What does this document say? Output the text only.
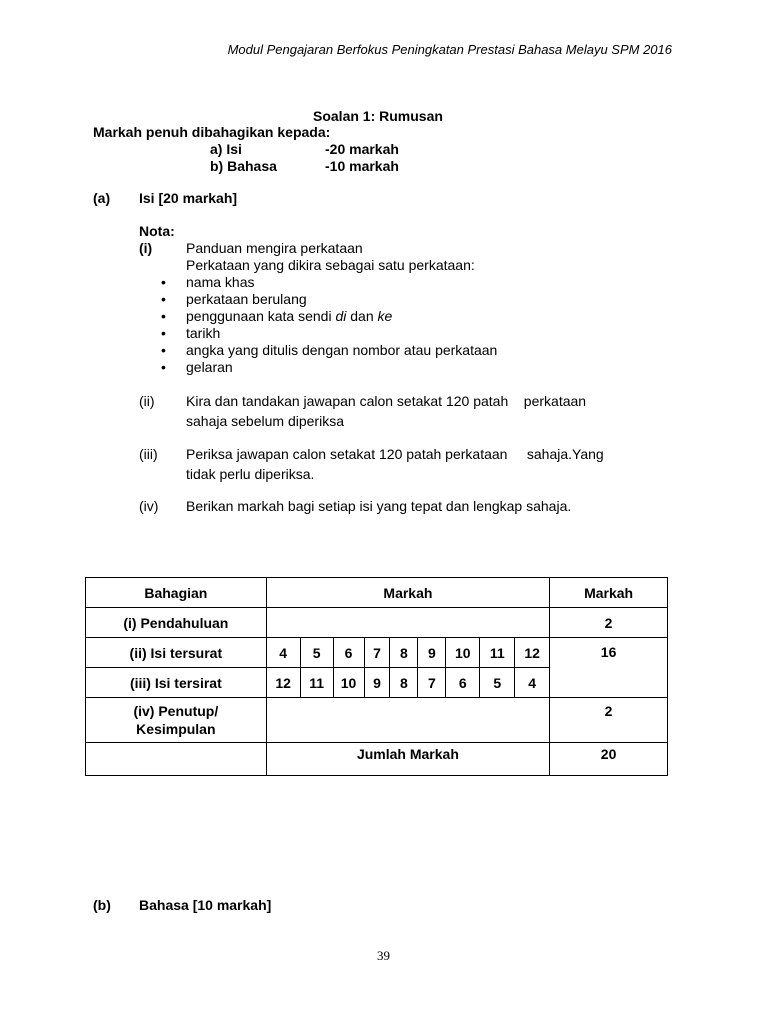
Modul Pengajaran Berfokus Peningkatan Prestasi Bahasa Melayu SPM 2016
Soalan 1: Rumusan
Markah penuh dibahagikan kepada:
a) Isi	-20 markah
b) Bahasa	-10 markah
(a) Isi [20 markah]
Nota:
(i) Panduan mengira perkataan
Perkataan yang dikira sebagai satu perkataan:
• nama khas
• perkataan berulang
• penggunaan kata sendi di dan ke
• tarikh
• angka yang ditulis dengan nombor atau perkataan
• gelaran
(ii) Kira dan tandakan jawapan calon setakat 120 patah    perkataan
sahaja sebelum diperiksa
(iii) Periksa jawapan calon setakat 120 patah perkataan     sahaja.Yang
tidak perlu diperiksa.
(iv) Berikan markah bagi setiap isi yang tepat dan lengkap sahaja.
Bahagian	Markah									Markah
(i) Pendahuluan										2
(ii) Isi tersurat	4	5	6	7	8	9	10	11	12	16
(iii) Isi tersirat	12	11	10	9	8	7	6	5	4	
(iv) Penutup/
Kesimpulan										2
	Jumlah Markah									20
(b) Bahasa [10 markah]
39
